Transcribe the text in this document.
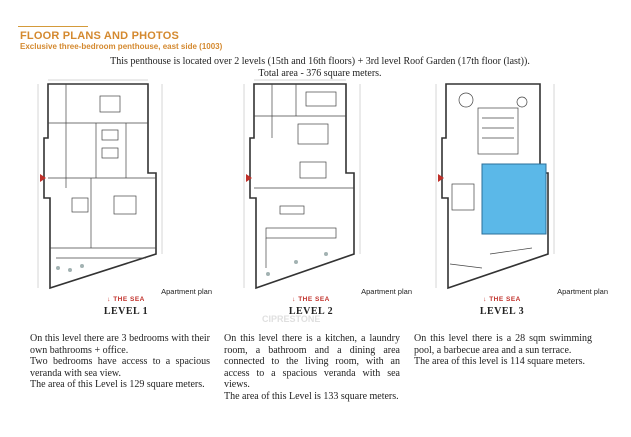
FLOOR PLANS AND PHOTOS
Exclusive three-bedroom penthouse, east side (1003)
This penthouse is located over 2 levels (15th and 16th floors) + 3rd level Roof Garden (17th floor (last)).
Total area - 376 square meters.
Apartment plan
↓ THE SEA
LEVEL 1
Apartment plan
↓ THE SEA
LEVEL 2
Apartment plan
↓ THE SEA
LEVEL 3
CIPRESTONE

On this level there are 3 bedrooms with their own bathrooms + office.

Two bedrooms have access to a spacious veranda with sea view.

The area of this Level is 129 square meters.

On this level there is a kitchen, a laundry room, a bathroom and a dining area connected to the living room, with an access to a spacious veranda with sea views.

The area of this Level is 133 square meters.

On this level there is a 28 sqm swimming pool, a barbecue area and a sun terrace.

The area of this level is 114 square meters.
